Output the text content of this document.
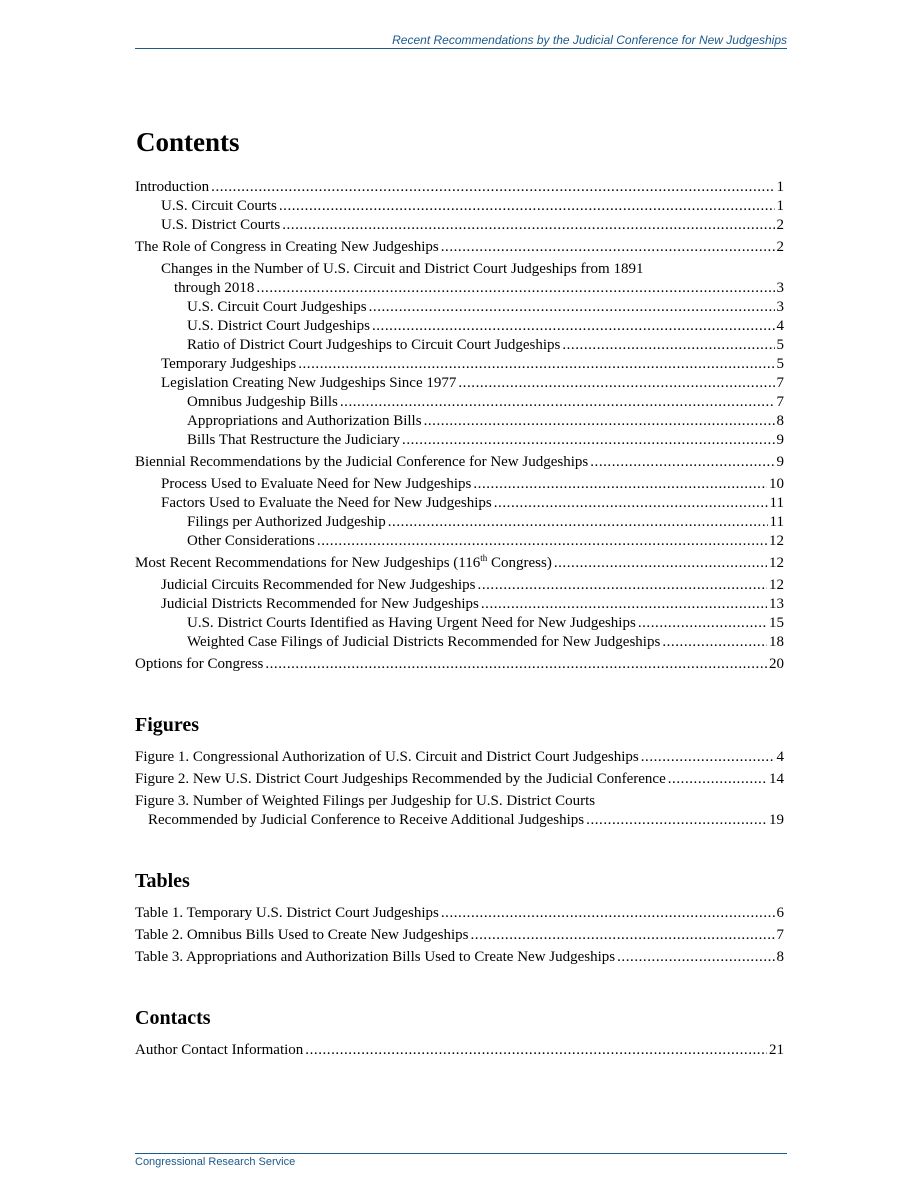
Recent Recommendations by the Judicial Conference for New Judgeships
Contents
Introduction . . .	1
U.S. Circuit Courts . . .	1
U.S. District Courts . . .	2
The Role of Congress in Creating New Judgeships . . .	2
Changes in the Number of U.S. Circuit and District Court Judgeships from 1891
through 2018 . . .	3
U.S. Circuit Court Judgeships . . .	3
U.S. District Court Judgeships . . .	4
Ratio of District Court Judgeships to Circuit Court Judgeships . . .	5
Temporary Judgeships . . .	5
Legislation Creating New Judgeships Since 1977 . . .	7
Omnibus Judgeship Bills . . .	7
Appropriations and Authorization Bills . . .	8
Bills That Restructure the Judiciary . . .	9
Biennial Recommendations by the Judicial Conference for New Judgeships . . .	9
Process Used to Evaluate Need for New Judgeships . . .	10
Factors Used to Evaluate the Need for New Judgeships . . .	11
Filings per Authorized Judgeship . . .	11
Other Considerations . . .	12
Most Recent Recommendations for New Judgeships (116th Congress) . . .	12
Judicial Circuits Recommended for New Judgeships . . .	12
Judicial Districts Recommended for New Judgeships . . .	13
U.S. District Courts Identified as Having Urgent Need for New Judgeships . . .	15
Weighted Case Filings of Judicial Districts Recommended for New Judgeships . . .	18
Options for Congress . . .	20
Figures
Figure 1. Congressional Authorization of U.S. Circuit and District Court Judgeships . . .	4
Figure 2. New U.S. District Court Judgeships Recommended by the Judicial Conference . . .	14
Figure 3. Number of Weighted Filings per Judgeship for U.S. District Courts
Recommended by Judicial Conference to Receive Additional Judgeships . . .	19
Tables
Table 1. Temporary U.S. District Court Judgeships . . .	6
Table 2. Omnibus Bills Used to Create New Judgeships . . .	7
Table 3. Appropriations and Authorization Bills Used to Create New Judgeships . . .	8
Contacts
Author Contact Information . . .	21
Congressional Research Service
